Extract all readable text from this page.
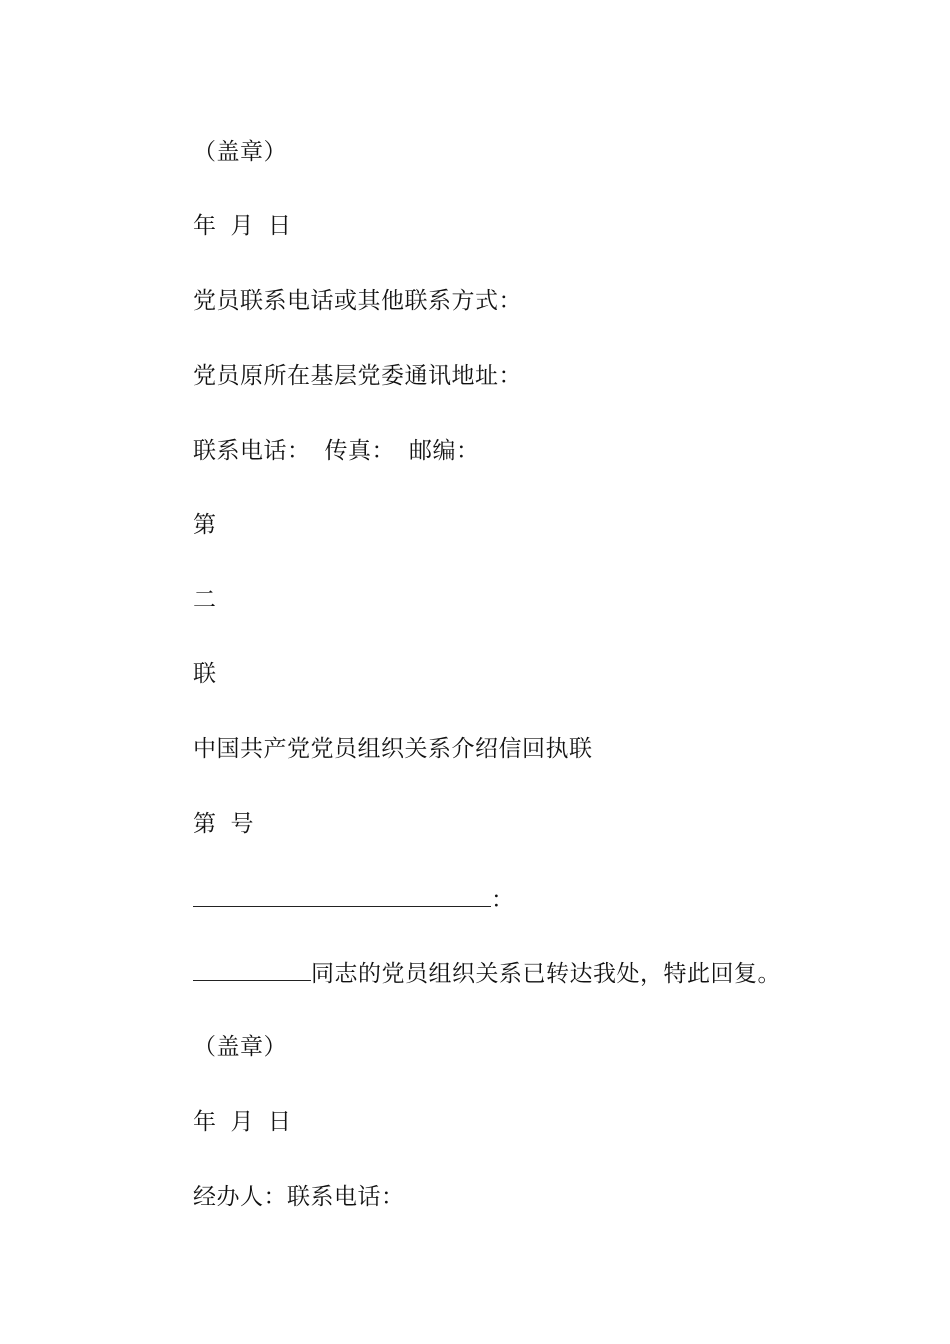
（盖章）
年 月 日
党员联系电话或其他联系方式：
党员原所在基层党委通讯地址：
联系电话： 传真： 邮编：
第
二
联
中国共产党党员组织关系介绍信回执联
第 号
：
同志的党员组织关系已转达我处，特此回复。
（盖章）
年 月 日
经办人：联系电话：
